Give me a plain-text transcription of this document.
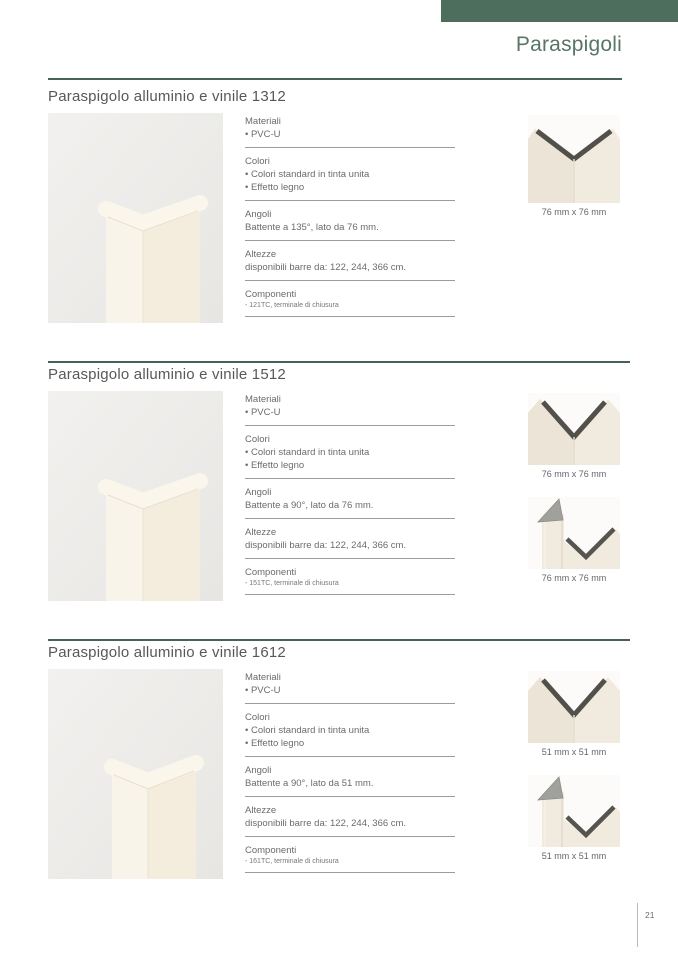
Paraspigoli
Paraspigolo alluminio e vinile 1312
Materiali
• PVC-U
Colori
• Colori standard in tinta unita
• Effetto legno
Angoli
Battente a 135°, lato da 76 mm.
Altezze
disponibili barre da: 122, 244, 366 cm.
Componenti
- 121TC, terminale di chiusura
76 mm x 76 mm
Paraspigolo alluminio e vinile 1512
Materiali
• PVC-U
Colori
• Colori standard in tinta unita
• Effetto legno
Angoli
Battente a 90°, lato da 76 mm.
Altezze
disponibili barre da: 122, 244, 366 cm.
Componenti
- 151TC, terminale di chiusura
76 mm x 76 mm
76 mm x 76 mm
Paraspigolo alluminio e vinile 1612
Materiali
• PVC-U
Colori
• Colori standard in tinta unita
• Effetto legno
Angoli
Battente a 90°, lato da 51 mm.
Altezze
disponibili barre da: 122, 244, 366 cm.
Componenti
- 161TC, terminale di chiusura
51 mm x 51 mm
51 mm x 51 mm
21
